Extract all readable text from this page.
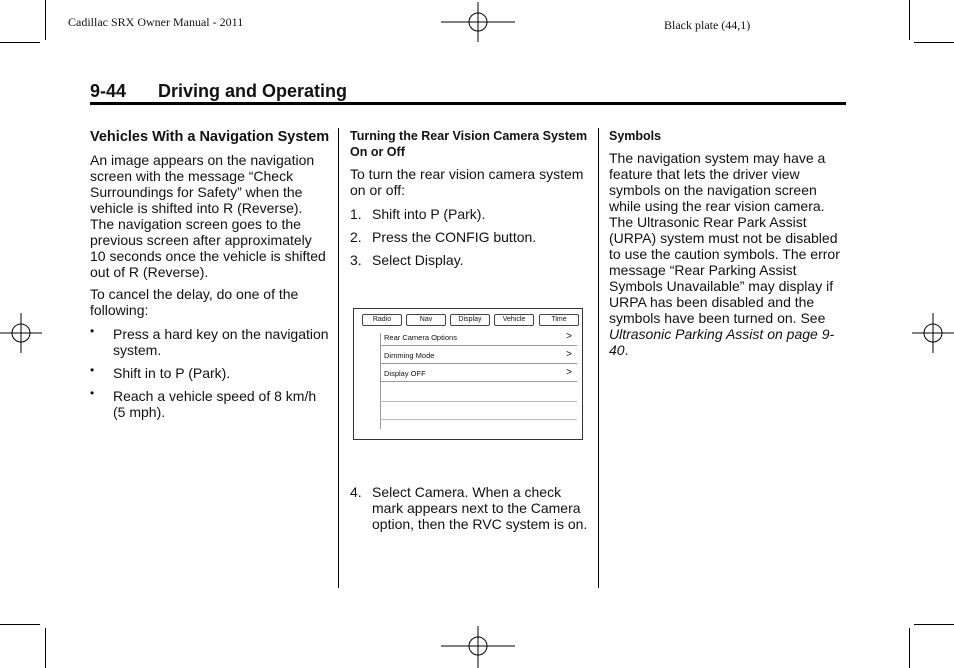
Cadillac SRX Owner Manual - 2011	Black plate (44,1)
9-44 Driving and Operating
Vehicles With a Navigation System

An image appears on the navigation screen with the message “Check Surroundings for Safety” when the vehicle is shifted into R (Reverse). The navigation screen goes to the previous screen after approximately 10 seconds once the vehicle is shifted out of R (Reverse).

To cancel the delay, do one of the following:

• Press a hard key on the navigation system.
• Shift in to P (Park).
• Reach a vehicle speed of 8 km/h (5 mph).
Turning the Rear Vision Camera System On or Off

To turn the rear vision camera system on or off:

1. Shift into P (Park).
2. Press the CONFIG button.
3. Select Display.
Radio	Nav	Display	Vehicle	Time
Rear Camera Options	>
Dimming Mode	>
Display OFF	>
4. Select Camera. When a check mark appears next to the Camera option, then the RVC system is on.
Symbols

The navigation system may have a feature that lets the driver view symbols on the navigation screen while using the rear vision camera. The Ultrasonic Rear Park Assist (URPA) system must not be disabled to use the caution symbols. The error message “Rear Parking Assist Symbols Unavailable” may display if URPA has been disabled and the symbols have been turned on. See Ultrasonic Parking Assist on page 9-40.
